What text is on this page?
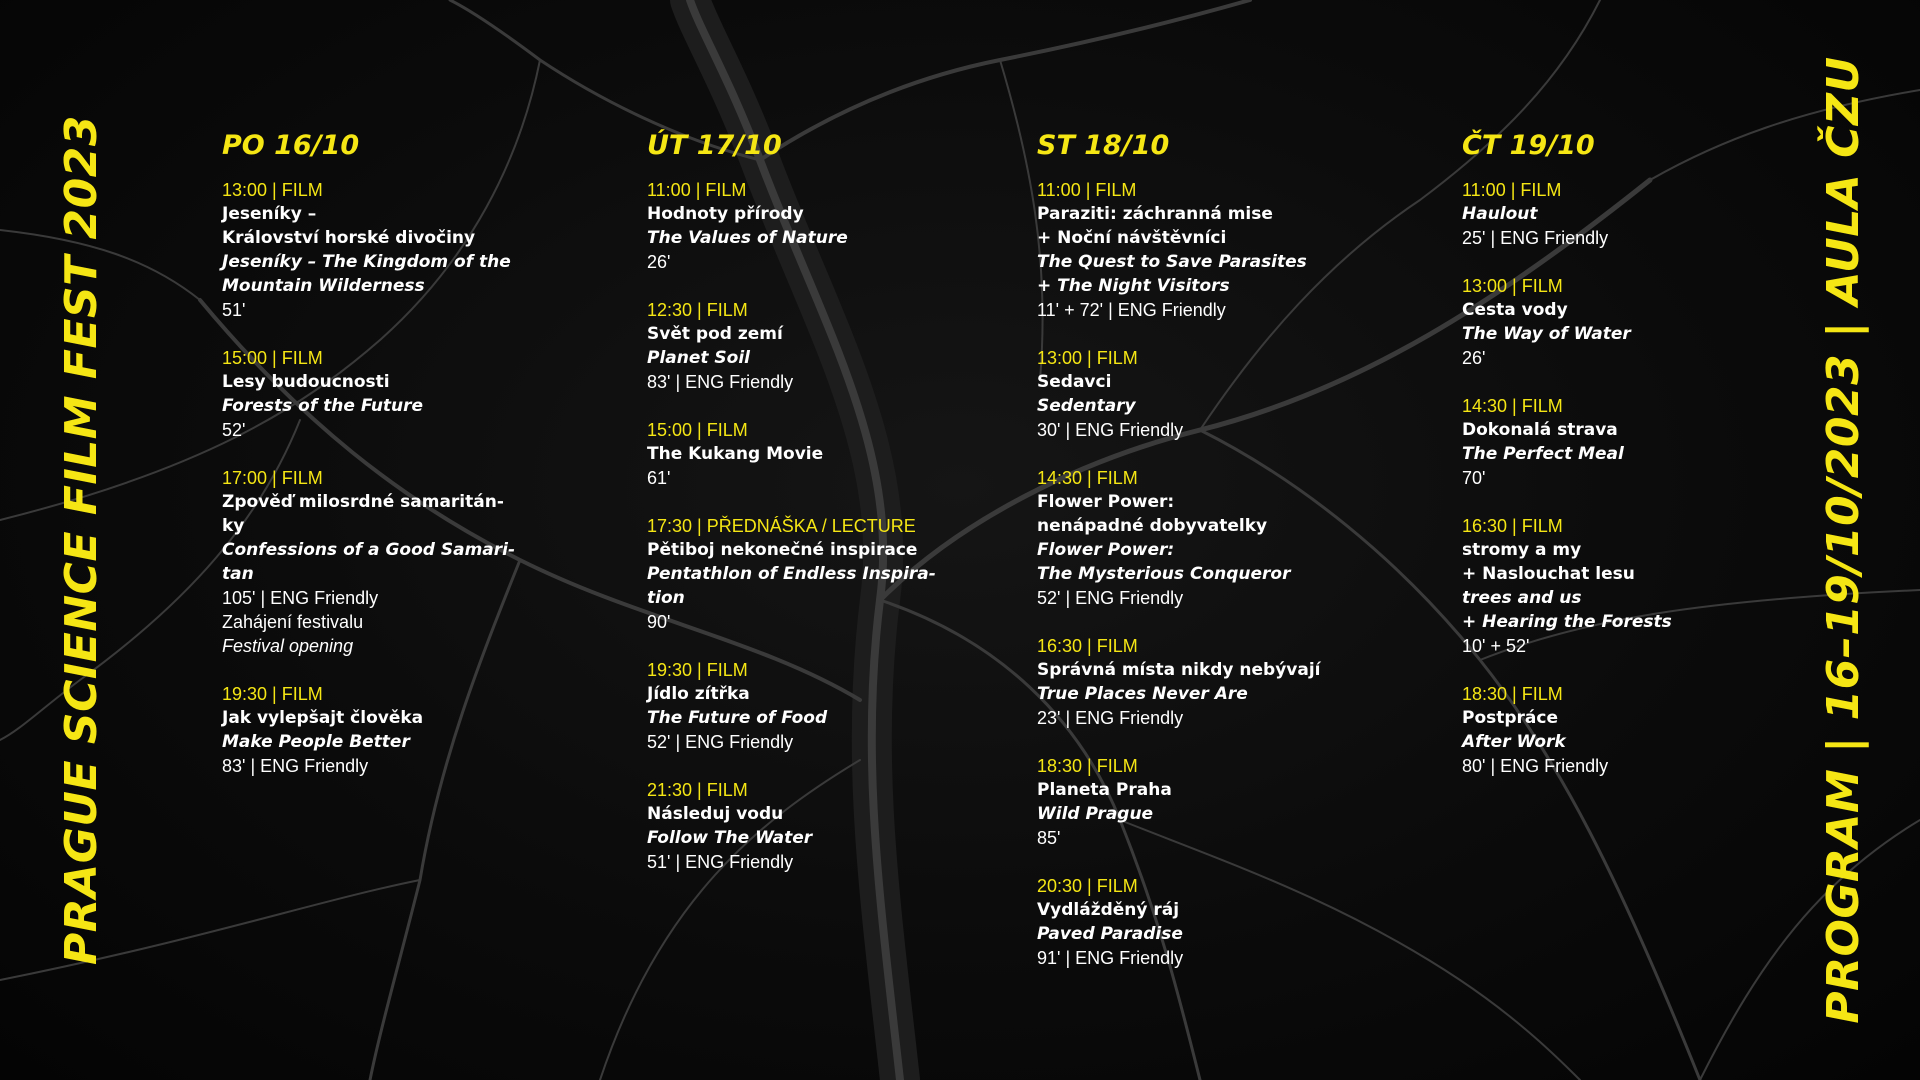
PRAGUE SCIENCE FILM FEST 2023	PROGRAM | 16–19/10/2023 | AULA ČZU
PO 16/10
13:00 | FILM
Jeseníky –
Království horské divočiny
Jeseníky – The Kingdom of the
Mountain Wilderness
51'
15:00 | FILM
Lesy budoucnosti
Forests of the Future
52'
17:00 | FILM
Zpověď milosrdné samaritán-
ky
Confessions of a Good Samari-
tan
105' | ENG Friendly
Zahájení festivalu
Festival opening
19:30 | FILM
Jak vylepšajt člověka
Make People Better
83' | ENG Friendly
ÚT 17/10
11:00 | FILM
Hodnoty přírody
The Values of Nature
26'
12:30 | FILM
Svět pod zemí
Planet Soil
83' | ENG Friendly
15:00 | FILM
The Kukang Movie
61'
17:30 | PŘEDNÁŠKA / LECTURE
Pětiboj nekonečné inspirace
Pentathlon of Endless Inspira-
tion
90'
19:30 | FILM
Jídlo zítřka
The Future of Food
52' | ENG Friendly
21:30 | FILM
Následuj vodu
Follow The Water
51' | ENG Friendly
ST 18/10
11:00 | FILM
Paraziti: záchranná mise
+ Noční návštěvníci
The Quest to Save Parasites
+ The Night Visitors
11' + 72' | ENG Friendly
13:00 | FILM
Sedavci
Sedentary
30' | ENG Friendly
14:30 | FILM
Flower Power:
nenápadné dobyvatelky
Flower Power:
The Mysterious Conqueror
52' | ENG Friendly
16:30 | FILM
Správná místa nikdy nebývají
True Places Never Are
23' | ENG Friendly
18:30 | FILM
Planeta Praha
Wild Prague
85'
20:30 | FILM
Vydlážděný ráj
Paved Paradise
91' | ENG Friendly
ČT 19/10
11:00 | FILM
Haulout
25' | ENG Friendly
13:00 | FILM
Cesta vody
The Way of Water
26'
14:30 | FILM
Dokonalá strava
The Perfect Meal
70'
16:30 | FILM
stromy a my
+ Naslouchat lesu
trees and us
+ Hearing the Forests
10' + 52'
18:30 | FILM
Postpráce
After Work
80' | ENG Friendly
